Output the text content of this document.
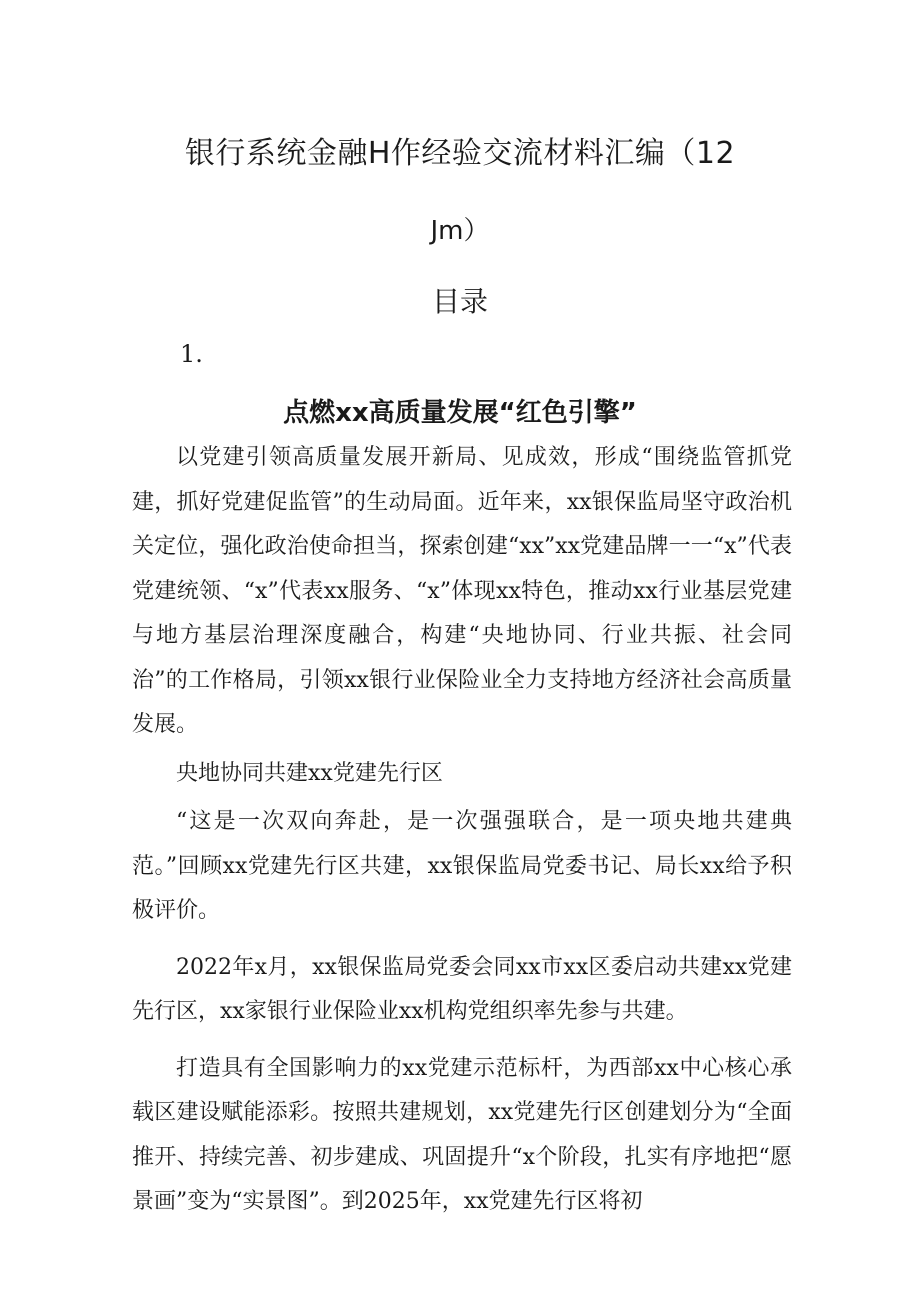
银行系统金融H作经验交流材料汇编（12
Jm）
目录
1.
点燃xx高质量发展“红色引擎”

以党建引领高质量发展开新局、见成效，形成“围绕监管抓党建，抓好党建促监管”的生动局面。近年来，xx银保监局坚守政治机关定位，强化政治使命担当，探索创建“xx”xx党建品牌一一“x”代表党建统领、“x”代表xx服务、“x”体现xx特色，推动xx行业基层党建与地方基层治理深度融合，构建“央地协同、行业共振、社会同治”的工作格局，引领xx银行业保险业全力支持地方经济社会高质量发展。

央地协同共建xx党建先行区

“这是一次双向奔赴，是一次强强联合，是一项央地共建典范。”回顾xx党建先行区共建，xx银保监局党委书记、局长xx给予积极评价。

2022年x月，xx银保监局党委会同xx市xx区委启动共建xx党建先行区，xx家银行业保险业xx机构党组织率先参与共建。

打造具有全国影响力的xx党建示范标杆，为西部xx中心核心承载区建设赋能添彩。按照共建规划，xx党建先行区创建划分为“全面推开、持续完善、初步建成、巩固提升“x个阶段，扎实有序地把“愿景画”变为“实景图”。到2025年，xx党建先行区将初
